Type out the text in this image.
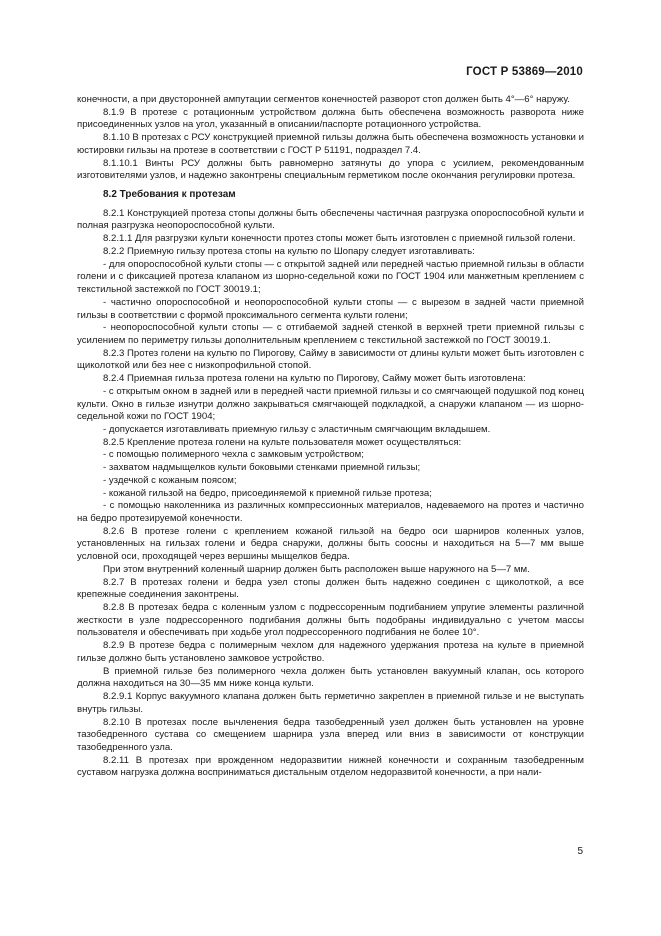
ГОСТ Р 53869—2010

конечности, а при двусторонней ампутации сегментов конечностей разворот стоп должен быть 4°—6° наружу.

8.1.9 В протезе с ротационным устройством должна быть обеспечена возможность разворота ниже присоединенных узлов на угол, указанный в описании/паспорте ротационного устройства.

8.1.10 В протезах с РСУ конструкцией приемной гильзы должна быть обеспечена возможность установки и юстировки гильзы на протезе в соответствии с ГОСТ Р 51191, подраздел 7.4.

8.1.10.1 Винты РСУ должны быть равномерно затянуты до упора с усилием, рекомендованным изготовителями узлов, и надежно законтрены специальным герметиком после окончания регулировки протеза.

8.2 Требования к протезам

8.2.1 Конструкцией протеза стопы должны быть обеспечены частичная разгрузка опороспособной культи и полная разгрузка неопороспособной культи.

8.2.1.1 Для разгрузки культи конечности протез стопы может быть изготовлен с приемной гильзой голени.

8.2.2 Приемную гильзу протеза стопы на культю по Шопару следует изготавливать:

- для опороспособной культи стопы — с открытой задней или передней частью приемной гильзы в области голени и с фиксацией протеза клапаном из шорно-седельной кожи по ГОСТ 1904 или манжетным креплением с текстильной застежкой по ГОСТ 30019.1;

- частично опороспособной и неопороспособной культи стопы — с вырезом в задней части приемной гильзы в соответствии с формой проксимального сегмента культи голени;

- неопороспособной культи стопы — с отгибаемой задней стенкой в верхней трети приемной гильзы с усилением по периметру гильзы дополнительным креплением с текстильной застежкой по ГОСТ 30019.1.

8.2.3 Протез голени на культю по Пирогову, Сайму в зависимости от длины культи может быть изготовлен с щиколоткой или без нее с низкопрофильной стопой.

8.2.4 Приемная гильза протеза голени на культю по Пирогову, Сайму может быть изготовлена:

- с открытым окном в задней или в передней части приемной гильзы и со смягчающей подушкой под конец культи. Окно в гильзе изнутри должно закрываться смягчающей подкладкой, а снаружи клапаном — из шорно-седельной кожи по ГОСТ 1904;

- допускается изготавливать приемную гильзу с эластичным смягчающим вкладышем.

8.2.5 Крепление протеза голени на культе пользователя может осуществляться:

- с помощью полимерного чехла с замковым устройством;

- захватом надмыщелков культи боковыми стенками приемной гильзы;

- уздечкой с кожаным поясом;

- кожаной гильзой на бедро, присоединяемой к приемной гильзе протеза;

- с помощью наколенника из различных компрессионных материалов, надеваемого на протез и частично на бедро протезируемой конечности.

8.2.6 В протезе голени с креплением кожаной гильзой на бедро оси шарниров коленных узлов, установленных на гильзах голени и бедра снаружи, должны быть соосны и находиться на 5—7 мм выше условной оси, проходящей через вершины мыщелков бедра.

При этом внутренний коленный шарнир должен быть расположен выше наружного на 5—7 мм.

8.2.7 В протезах голени и бедра узел стопы должен быть надежно соединен с щиколоткой, а все крепежные соединения законтрены.

8.2.8 В протезах бедра с коленным узлом с подрессоренным подгибанием упругие элементы различной жесткости в узле подрессоренного подгибания должны быть подобраны индивидуально с учетом массы пользователя и обеспечивать при ходьбе угол подрессоренного подгибания не более 10°.

8.2.9 В протезе бедра с полимерным чехлом для надежного удержания протеза на культе в приемной гильзе должно быть установлено замковое устройство.

В приемной гильзе без полимерного чехла должен быть установлен вакуумный клапан, ось которого должна находиться на 30—35 мм ниже конца культи.

8.2.9.1 Корпус вакуумного клапана должен быть герметично закреплен в приемной гильзе и не выступать внутрь гильзы.

8.2.10 В протезах после вычленения бедра тазобедренный узел должен быть установлен на уровне тазобедренного сустава со смещением шарнира узла вперед или вниз в зависимости от конструкции тазобедренного узла.

8.2.11 В протезах при врожденном недоразвитии нижней конечности и сохранным тазобедренным суставом нагрузка должна восприниматься дистальным отделом недоразвитой конечности, а при нали-

5
